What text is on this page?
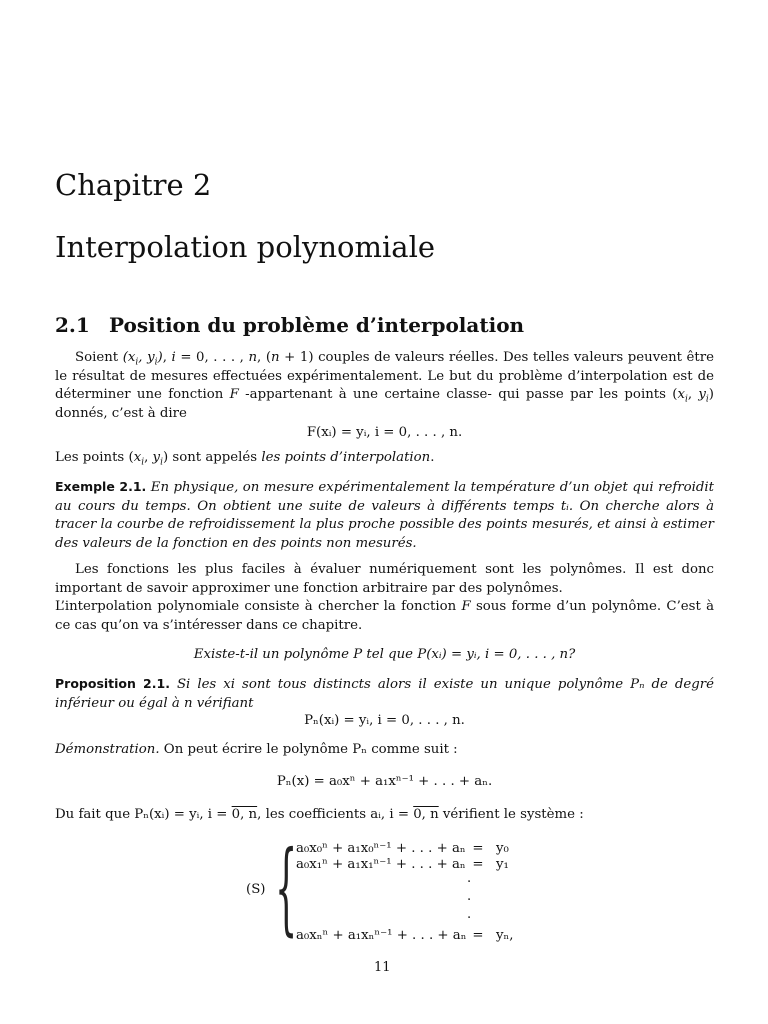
Chapitre 2
Interpolation polynomiale
2.1 Position du problème d’interpolation

Soient ($x_i$, $y_i$), i = 0, . . . , n, (n + 1) couples de valeurs réelles. Des telles valeurs peuvent être le résultat de mesures effectuées expérimentalement. Le but du problème d’interpolation est de déterminer une fonction F -appartenant à une certaine classe- qui passe par les points ($x_i$, $y_i$) donnés, c’est à dire

F(xᵢ) = yᵢ, i = 0, . . . , n.

Les points ($x_i$, $y_i$) sont appelés les points d’interpolation.

Exemple 2.1. En physique, on mesure expérimentalement la température d’un objet qui refroidit au cours du temps. On obtient une suite de valeurs à différents temps tᵢ. On cherche alors à tracer la courbe de refroidissement la plus proche possible des points mesurés, et ainsi à estimer des valeurs de la fonction en des points non mesurés.

Les fonctions les plus faciles à évaluer numériquement sont les polynômes. Il est donc important de savoir approximer une fonction arbitraire par des polynômes.

L’interpolation polynomiale consiste à chercher la fonction F sous forme d’un polynôme. C’est à ce cas qu’on va s’intéresser dans ce chapitre.

Existe-t-il un polynôme P tel que P(xᵢ) = yᵢ, i = 0, . . . , n?

Proposition 2.1. Si les xi sont tous distincts alors il existe un unique polynôme Pₙ de degré inférieur ou égal à n vérifiant

Pₙ(xᵢ) = yᵢ, i = 0, . . . , n.

Démonstration. On peut écrire le polynôme Pₙ comme suit :

Pₙ(x) = a₀xⁿ + a₁xⁿ⁻¹ + . . . + aₙ.

Du fait que Pₙ(xᵢ) = yᵢ, i = 0, n, les coefficients aᵢ, i = 0, n vérifient le système :

(S) {
a₀x₀ⁿ + a₁x₀ⁿ⁻¹ + . . . + aₙ = y₀
a₀x₁ⁿ + a₁x₁ⁿ⁻¹ + . . . + aₙ = y₁
.
.
.
a₀xₙⁿ + a₁xₙⁿ⁻¹ + . . . + aₙ = yₙ,
11
